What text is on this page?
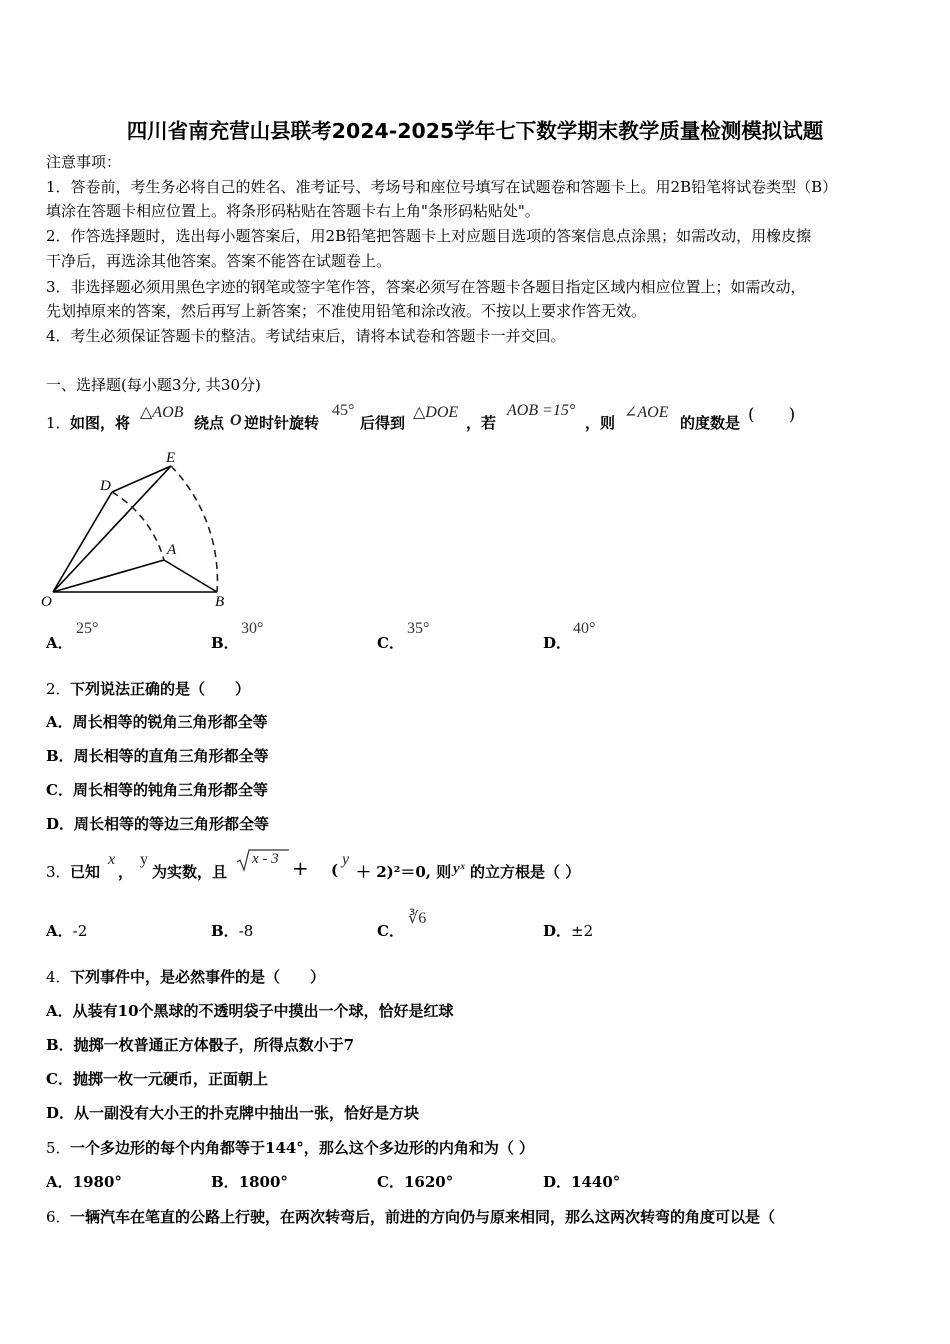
四川省南充营山县联考2024-2025学年七下数学期末教学质量检测模拟试题
注意事项：
1．答卷前，考生务必将自己的姓名、准考证号、考场号和座位号填写在试题卷和答题卡上。用2B铅笔将试卷类型（B）
填涂在答题卡相应位置上。将条形码粘贴在答题卡右上角"条形码粘贴处"。
2．作答选择题时，选出每小题答案后，用2B铅笔把答题卡上对应题目选项的答案信息点涂黑；如需改动，用橡皮擦
干净后，再选涂其他答案。答案不能答在试题卷上。
3．非选择题必须用黑色字迹的钢笔或签字笔作答，答案必须写在答题卡各题目指定区域内相应位置上；如需改动，
先划掉原来的答案，然后再写上新答案；不准使用铅笔和涂改液。不按以上要求作答无效。
4．考生必须保证答题卡的整洁。考试结束后，请将本试卷和答题卡一并交回。
一、选择题(每小题3分, 共30分)
1． 如图，将
△AOB
绕点 O 逆时针旋转
45°
后得到
△DOE
，若
AOB =15°
，则
∠AOE
的度数是 (　　)
E
D
A
O	B
A．
25°
B．
30°
C．
35°
D．
40°
2． 下列说法正确的是（　　）
A．周长相等的锐角三角形都全等
B．周长相等的直角三角形都全等
C．周长相等的钝角三角形都全等
D．周长相等的等边三角形都全等
3． 已知
x
，
y
为实数，且
x - 3 + (
y
＋ 2)²＝0, 则 yˣ 的立方根是（ ）
A．-2	B．-8	C．
∛6
D．±2
4． 下列事件中，是必然事件的是（　　）
A．从装有10个黑球的不透明袋子中摸出一个球，恰好是红球
B．抛掷一枚普通正方体骰子，所得点数小于7
C．抛掷一枚一元硬币，正面朝上
D．从一副没有大小王的扑克牌中抽出一张，恰好是方块
5． 一个多边形的每个内角都等于144°，那么这个多边形的内角和为（ ）
A．1980°	B．1800°	C．1620°	D．1440°
6． 一辆汽车在笔直的公路上行驶，在两次转弯后，前进的方向仍与原来相同，那么这两次转弯的角度可以是（
